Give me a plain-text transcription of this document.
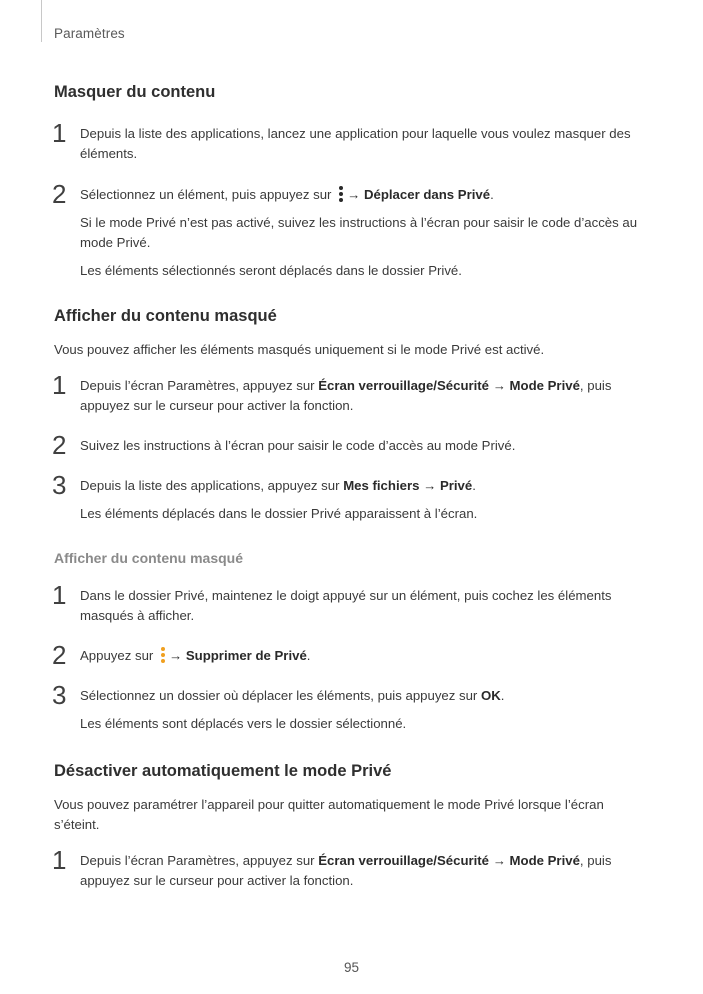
Paramètres
Masquer du contenu
1 Depuis la liste des applications, lancez une application pour laquelle vous voulez masquer des éléments.
2 Sélectionnez un élément, puis appuyez sur → Déplacer dans Privé.
Si le mode Privé n’est pas activé, suivez les instructions à l’écran pour saisir le code d’accès au mode Privé.
Les éléments sélectionnés seront déplacés dans le dossier Privé.
Afficher du contenu masqué

Vous pouvez afficher les éléments masqués uniquement si le mode Privé est activé.

1 Depuis l’écran Paramètres, appuyez sur Écran verrouillage/Sécurité → Mode Privé, puis appuyez sur le curseur pour activer la fonction.
2 Suivez les instructions à l’écran pour saisir le code d’accès au mode Privé.
3 Depuis la liste des applications, appuyez sur Mes fichiers → Privé.
Les éléments déplacés dans le dossier Privé apparaissent à l’écran.
Afficher du contenu masqué
1 Dans le dossier Privé, maintenez le doigt appuyé sur un élément, puis cochez les éléments masqués à afficher.
2 Appuyez sur → Supprimer de Privé.
3 Sélectionnez un dossier où déplacer les éléments, puis appuyez sur OK.
Les éléments sont déplacés vers le dossier sélectionné.
Désactiver automatiquement le mode Privé

Vous pouvez paramétrer l’appareil pour quitter automatiquement le mode Privé lorsque l’écran s’éteint.

1 Depuis l’écran Paramètres, appuyez sur Écran verrouillage/Sécurité → Mode Privé, puis appuyez sur le curseur pour activer la fonction.
95
